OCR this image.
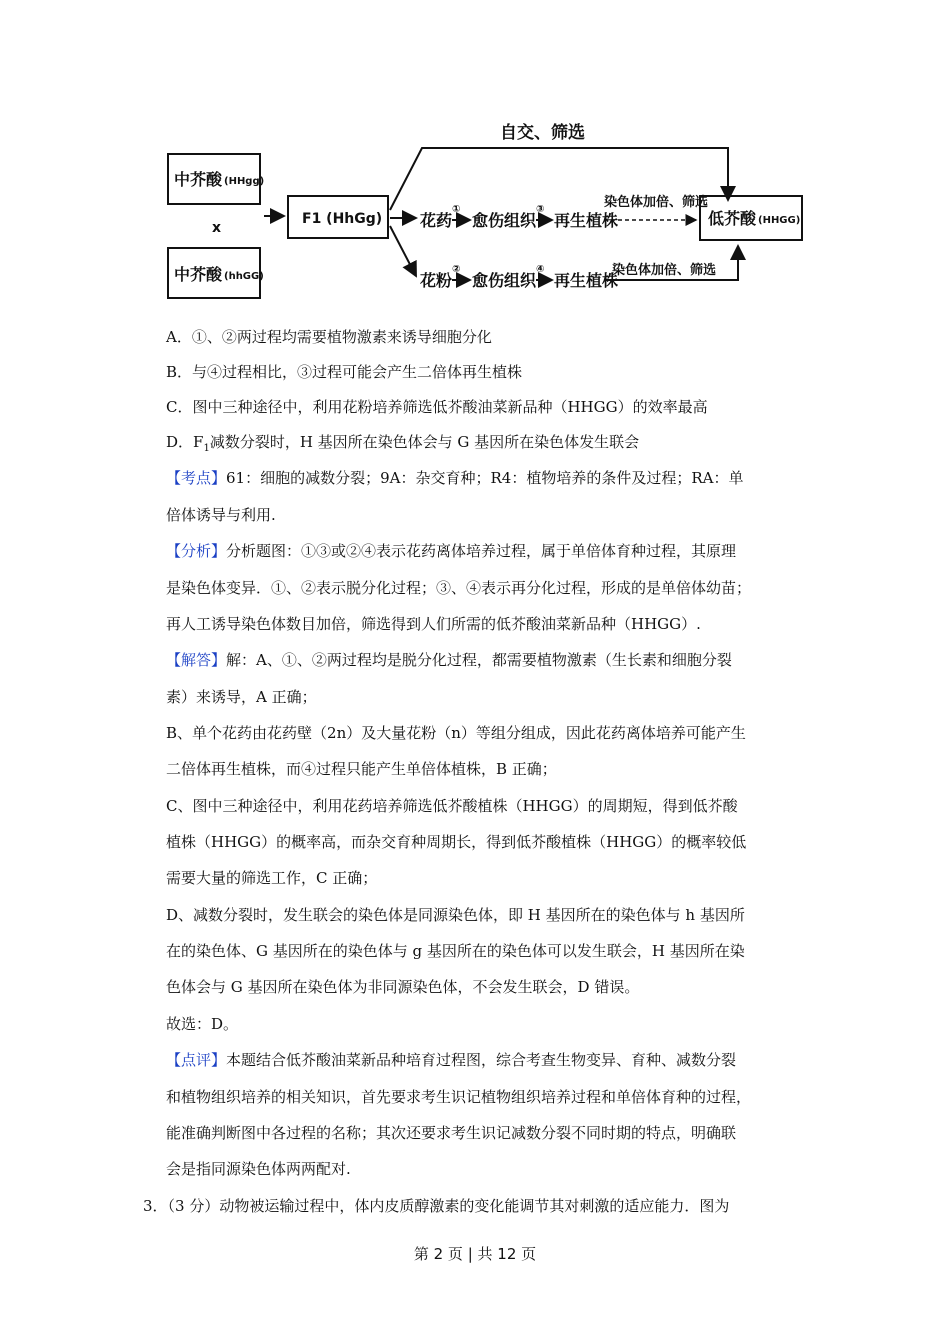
中芥酸 (HHgg)
x
中芥酸 (hhGG)
F1 (HhGg)
自交、筛选
花药
①
愈伤组织
③
再生植株
染色体加倍、筛选
花粉
②
愈伤组织
④
再生植株
染色体加倍、筛选
低芥酸 (HHGG)
A．①、②两过程均需要植物激素来诱导细胞分化
B．与④过程相比，③过程可能会产生二倍体再生植株
C．图中三种途径中，利用花粉培养筛选低芥酸油菜新品种（HHGG）的效率最高
D．$F_1$减数分裂时，H 基因所在染色体会与 G 基因所在染色体发生联会
【考点】61：细胞的减数分裂；9A：杂交育种；R4：植物培养的条件及过程；RA：单
倍体诱导与利用.
【分析】分析题图：①③或②④表示花药离体培养过程，属于单倍体育种过程，其原理
是染色体变异．①、②表示脱分化过程；③、④表示再分化过程，形成的是单倍体幼苗；
再人工诱导染色体数目加倍，筛选得到人们所需的低芥酸油菜新品种（HHGG）.
【解答】解：A、①、②两过程均是脱分化过程，都需要植物激素（生长素和细胞分裂
素）来诱导，A 正确；
B、单个花药由花药壁（2n）及大量花粉（n）等组分组成，因此花药离体培养可能产生
二倍体再生植株，而④过程只能产生单倍体植株，B 正确；
C、图中三种途径中，利用花药培养筛选低芥酸植株（HHGG）的周期短，得到低芥酸
植株（HHGG）的概率高，而杂交育种周期长，得到低芥酸植株（HHGG）的概率较低
需要大量的筛选工作，C 正确；
D、减数分裂时，发生联会的染色体是同源染色体，即 H 基因所在的染色体与 h 基因所
在的染色体、G 基因所在的染色体与 g 基因所在的染色体可以发生联会，H 基因所在染
色体会与 G 基因所在染色体为非同源染色体，不会发生联会，D 错误。
故选：D。
【点评】本题结合低芥酸油菜新品种培育过程图，综合考查生物变异、育种、减数分裂
和植物组织培养的相关知识，首先要求考生识记植物组织培养过程和单倍体育种的过程，
能准确判断图中各过程的名称；其次还要求考生识记减数分裂不同时期的特点，明确联
会是指同源染色体两两配对.
3．（3 分）动物被运输过程中，体内皮质醇激素的变化能调节其对刺激的适应能力．图为
第 2 页 | 共 12 页
